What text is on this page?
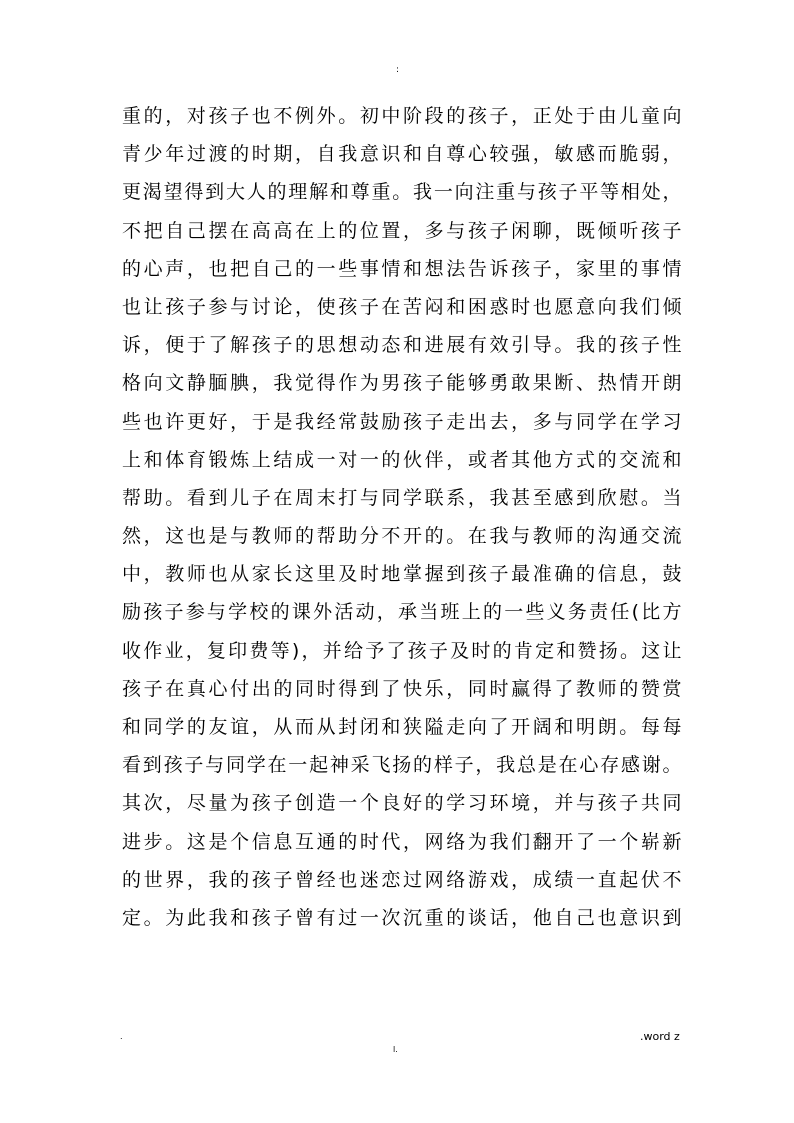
:
重的，对孩子也不例外。初中阶段的孩子，正处于由儿童向
青少年过渡的时期，自我意识和自尊心较强，敏感而脆弱，
更渴望得到大人的理解和尊重。我一向注重与孩子平等相处，
不把自己摆在高高在上的位置，多与孩子闲聊，既倾听孩子
的心声，也把自己的一些事情和想法告诉孩子，家里的事情
也让孩子参与讨论，使孩子在苦闷和困惑时也愿意向我们倾
诉，便于了解孩子的思想动态和进展有效引导。我的孩子性
格向文静腼腆，我觉得作为男孩子能够勇敢果断、热情开朗
些也许更好，于是我经常鼓励孩子走出去，多与同学在学习
上和体育锻炼上结成一对一的伙伴，或者其他方式的交流和
帮助。看到儿子在周末打与同学联系，我甚至感到欣慰。当
然，这也是与教师的帮助分不开的。在我与教师的沟通交流
中，教师也从家长这里及时地掌握到孩子最准确的信息，鼓
励孩子参与学校的课外活动，承当班上的一些义务责任(比方
收作业，复印费等)，并给予了孩子及时的肯定和赞扬。这让
孩子在真心付出的同时得到了快乐，同时赢得了教师的赞赏
和同学的友谊，从而从封闭和狭隘走向了开阔和明朗。每每
看到孩子与同学在一起神采飞扬的样子，我总是在心存感谢。
其次，尽量为孩子创造一个良好的学习环境，并与孩子共同
进步。这是个信息互通的时代，网络为我们翻开了一个崭新
的世界，我的孩子曾经也迷恋过网络游戏，成绩一直起伏不
定。为此我和孩子曾有过一次沉重的谈话，他自己也意识到
.	.word z
l.
